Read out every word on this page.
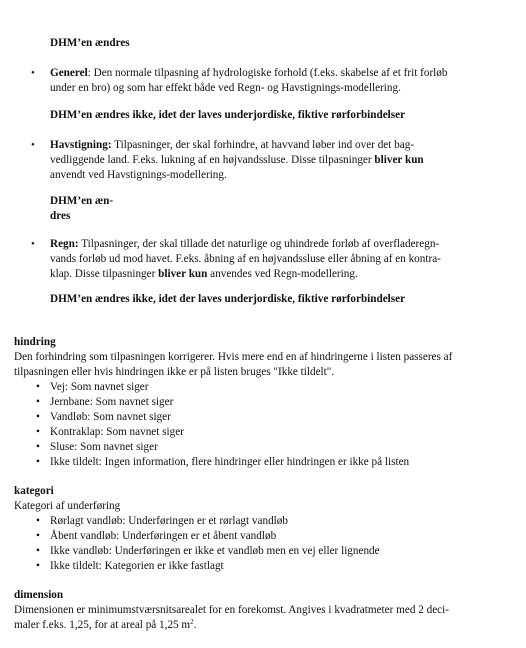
DHM’en ændres
• Generel: Den normale tilpasning af hydrologiske forhold (f.eks. skabelse af et frit forløb
under en bro) og som har effekt både ved Regn- og Havstignings-modellering.
DHM’en ændres ikke, idet der laves underjordiske, fiktive rørforbindelser
• Havstigning: Tilpasninger, der skal forhindre, at havvand løber ind over det bag-
vedliggende land. F.eks. lukning af en højvandssluse. Disse tilpasninger bliver kun
anvendt ved Havstignings-modellering.
DHM’en æn-
dres
• Regn: Tilpasninger, der skal tillade det naturlige og uhindrede forløb af overfladeregn-
vands forløb ud mod havet. F.eks. åbning af en højvandssluse eller åbning af en kontra-
klap. Disse tilpasninger bliver kun anvendes ved Regn-modellering.
DHM’en ændres ikke, idet der laves underjordiske, fiktive rørforbindelser
hindring
Den forhindring som tilpasningen korrigerer. Hvis mere end en af hindringerne i listen passeres af
tilpasningen eller hvis hindringen ikke er på listen bruges "Ikke tildelt".
• Vej: Som navnet siger
• Jernbane: Som navnet siger
• Vandløb: Som navnet siger
• Kontraklap: Som navnet siger
• Sluse: Som navnet siger
• Ikke tildelt: Ingen information, flere hindringer eller hindringen er ikke på listen
kategori
Kategori af underføring
• Rørlagt vandløb: Underføringen er et rørlagt vandløb
• Åbent vandløb: Underføringen er et åbent vandløb
• Ikke vandløb: Underføringen er ikke et vandløb men en vej eller lignende
• Ikke tildelt: Kategorien er ikke fastlagt
dimension
Dimensionen er minimumstværsnitsarealet for en forekomst. Angives i kvadratmeter med 2 deci-
maler f.eks. 1,25, for at areal på 1,25 $m^2$.
